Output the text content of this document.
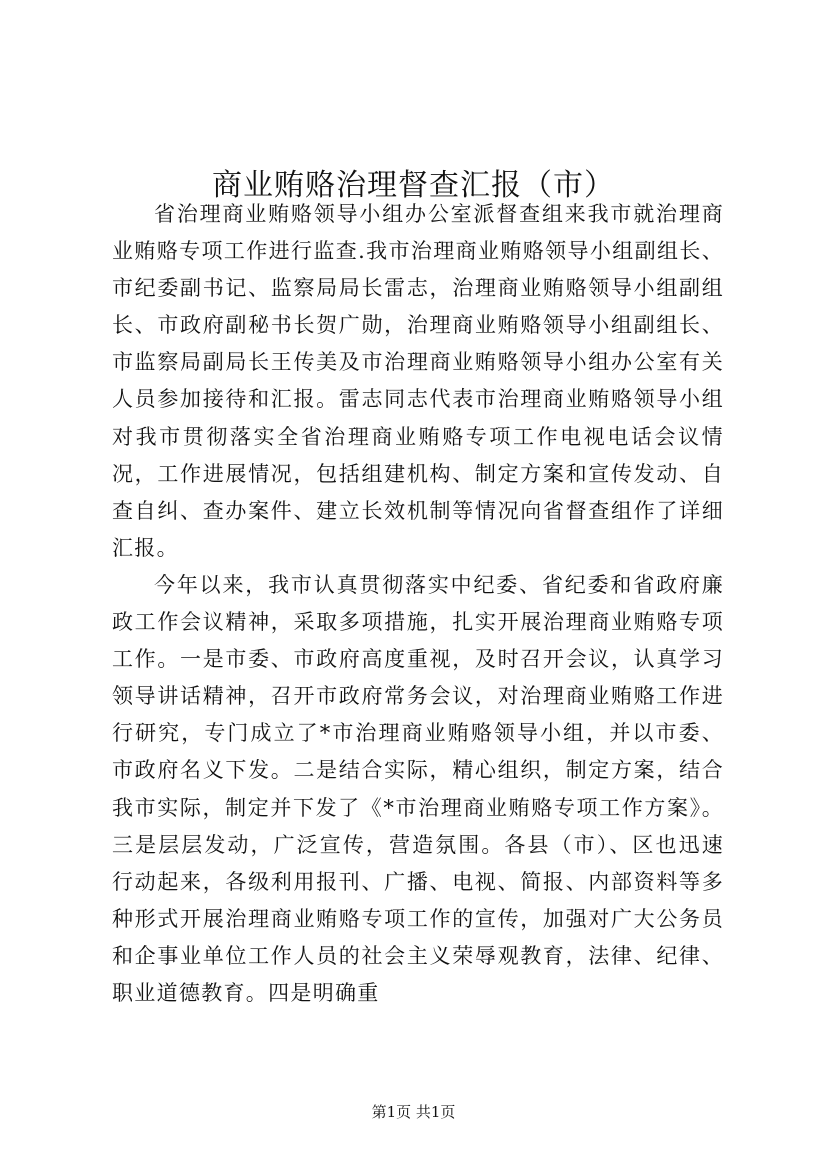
商业贿赂治理督查汇报（市）

省治理商业贿赂领导小组办公室派督查组来我市就治理商业贿赂专项工作进行监查.我市治理商业贿赂领导小组副组长、市纪委副书记、监察局局长雷志，治理商业贿赂领导小组副组长、市政府副秘书长贺广勋，治理商业贿赂领导小组副组长、市监察局副局长王传美及市治理商业贿赂领导小组办公室有关人员参加接待和汇报。雷志同志代表市治理商业贿赂领导小组对我市贯彻落实全省治理商业贿赂专项工作电视电话会议情况，工作进展情况，包括组建机构、制定方案和宣传发动、自查自纠、查办案件、建立长效机制等情况向省督查组作了详细汇报。

今年以来，我市认真贯彻落实中纪委、省纪委和省政府廉政工作会议精神，采取多项措施，扎实开展治理商业贿赂专项工作。一是市委、市政府高度重视，及时召开会议，认真学习领导讲话精神，召开市政府常务会议，对治理商业贿赂工作进行研究，专门成立了*市治理商业贿赂领导小组，并以市委、市政府名义下发。二是结合实际，精心组织，制定方案，结合我市实际，制定并下发了《*市治理商业贿赂专项工作方案》。三是层层发动，广泛宣传，营造氛围。各县（市）、区也迅速行动起来，各级利用报刊、广播、电视、简报、内部资料等多种形式开展治理商业贿赂专项工作的宣传，加强对广大公务员和企事业单位工作人员的社会主义荣辱观教育，法律、纪律、职业道德教育。四是明确重

第1页 共1页
